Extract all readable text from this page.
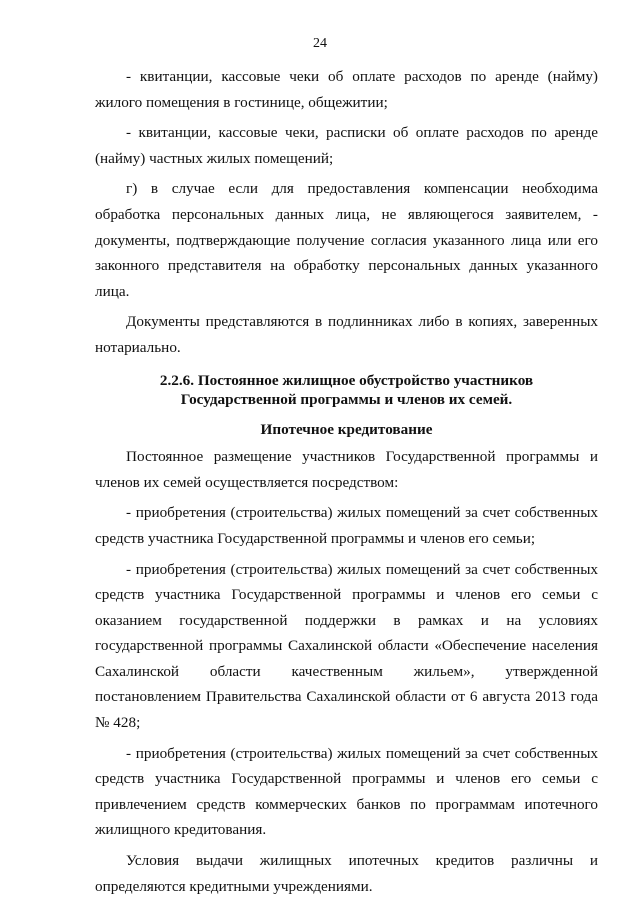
24

- квитанции, кассовые чеки об оплате расходов по аренде (найму) жилого помещения в гостинице, общежитии;

- квитанции, кассовые чеки, расписки об оплате расходов по аренде (найму) частных жилых помещений;

г) в случае если для предоставления компенсации необходима обработка персональных данных лица, не являющегося заявителем, - документы, подтверждающие получение согласия указанного лица или его законного представителя на обработку персональных данных указанного лица.

Документы представляются в подлинниках либо в копиях, заверенных нотариально.

2.2.6. Постоянное жилищное обустройство участников
Государственной программы и членов их семей.
Ипотечное кредитование

Постоянное размещение участников Государственной программы и членов их семей осуществляется посредством:

- приобретения (строительства) жилых помещений за счет собственных средств участника Государственной программы и членов его семьи;

- приобретения (строительства) жилых помещений за счет собственных средств участника Государственной программы и членов его семьи с оказанием государственной поддержки в рамках и на условиях государственной программы Сахалинской области «Обеспечение населения Сахалинской области качественным жильем», утвержденной постановлением Правительства Сахалинской области от 6 августа 2013 года № 428;

- приобретения (строительства) жилых помещений за счет собственных средств участника Государственной программы и членов его семьи с привлечением средств коммерческих банков по программам ипотечного жилищного кредитования.

Условия выдачи жилищных ипотечных кредитов различны и определяются кредитными учреждениями.
